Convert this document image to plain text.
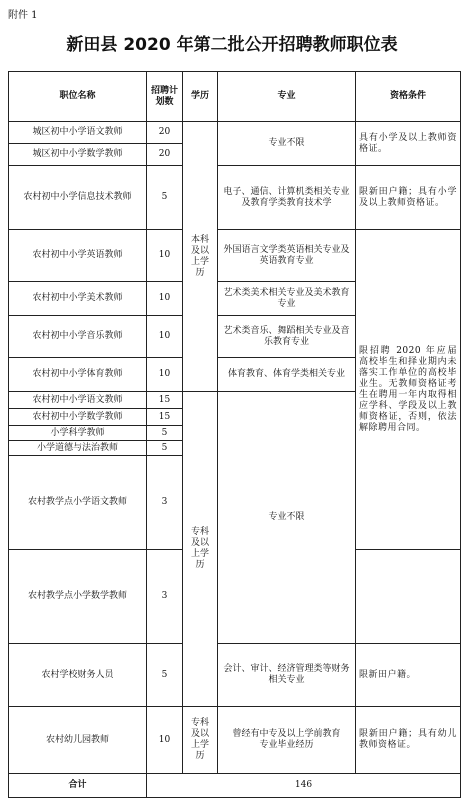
附件 1
新田县 2020 年第二批公开招聘教师职位表
职位名称	招聘计划数	学历	专业	资格条件	
城区初中小学语文教师	20	本科及以上学历	专业不限	具有小学及以上教师资格证。	
城区初中小学数学教师	20				
农村初中小学信息技术教师	5		电子、通信、计算机类相关专业及教育学类教育技术学	限新田户籍；具有小学及以上教师资格证。	
农村初中小学英语教师	10		外国语言文学类英语相关专业及英语教育专业	限招聘 2020 年应届高校毕生和择业期内未落实工作单位的高校毕业生。无教师资格证考生在聘用一年内取得相应学科、学段及以上教师资格证，否则，依法解除聘用合同。	
农村初中小学美术教师	10		艺术类美术相关专业及美术教育专业		
农村初中小学音乐教师	10		艺术类音乐、舞蹈相关专业及音乐教育专业		
农村初中小学体育教师	10		体育教育、体育学类相关专业		
农村初中小学语文教师	15	专科及以上学历	专业不限		
农村初中小学数学教师	15				
小学科学教师	5				
小学道德与法治教师	5				
农村教学点小学语文教师	3	
农村教学点小学数学教师	3				
农村学校财务人员	5		会计、审计、经济管理类等财务相关专业	限新田户籍。	
农村幼儿园教师	10	专科及以上学历	曾经有中专及以上学前教育专业毕业经历	限新田户籍；具有幼儿教师资格证。	
合计	146				
